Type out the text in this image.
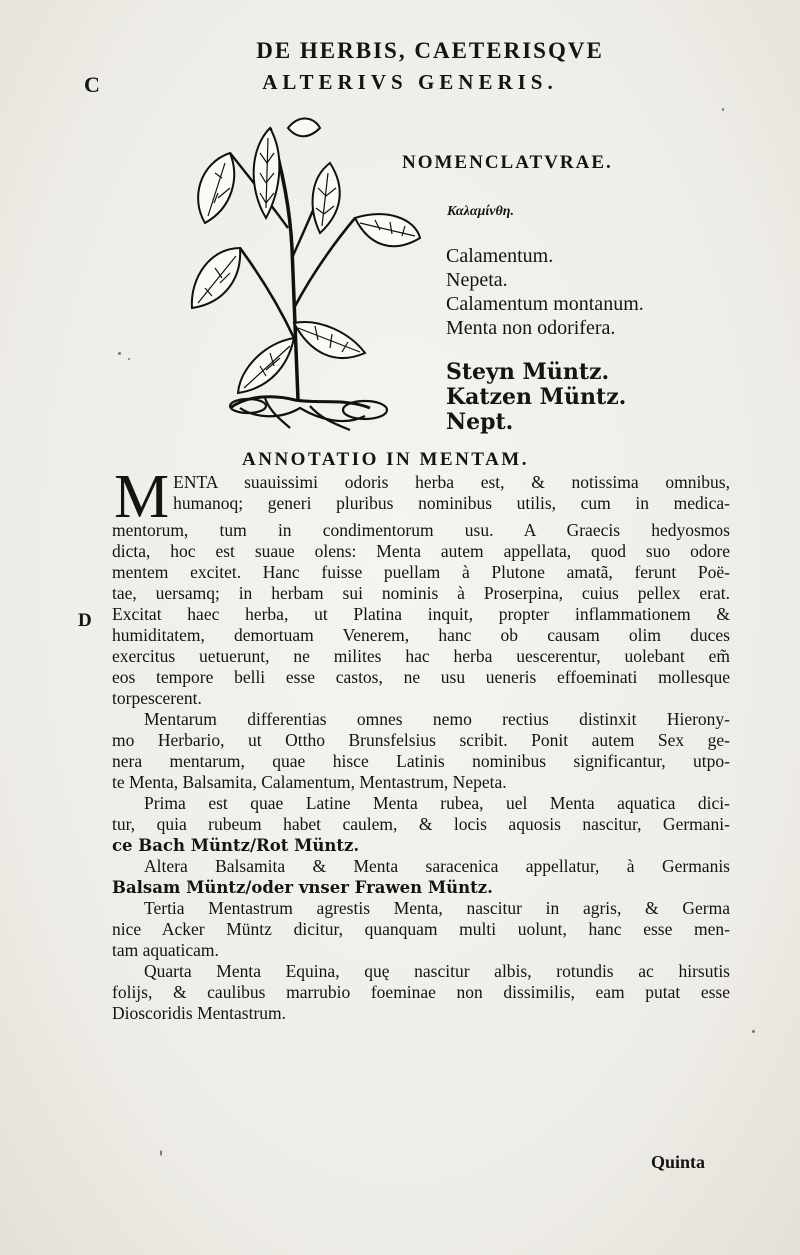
DE HERBIS, CAETERISQVE
ALTERIVS GENERIS.
C
D
NOMENCLATVRAE.
Καλαμίνθη.
Calamentum.
Nepeta.
Calamentum montanum.
Menta non odorifera.
Steyn Müntz.
Katzen Müntz.
Nept.
ANNOTATIO IN MENTAM.
M ENTA suauissimi odoris herba est, & notissima omnibus,
humanoq; generi pluribus nominibus utilis, cum in medica-
mentorum, tum in condimentorum usu. A Graecis hedyosmos
dicta, hoc est suaue olens: Menta autem appellata, quod suo odore
mentem excitet. Hanc fuisse puellam à Plutone amatã, ferunt Poë-
tae, uersamq; in herbam sui nominis à Proserpina, cuius pellex erat.
Excitat haec herba, ut Platina inquit, propter inflammationem &
humiditatem, demortuam Venerem, hanc ob causam olim duces
exercitus uetuerunt, ne milites hac herba uescerentur, uolebant em̃
eos tempore belli esse castos, ne usu ueneris effoeminati mollesque
torpescerent.
Mentarum differentias omnes nemo rectius distinxit Hierony-
mo Herbario, ut Ottho Brunsfelsius scribit. Ponit autem Sex ge-
nera mentarum, quae hisce Latinis nominibus significantur, utpo-
te Menta, Balsamita, Calamentum, Mentastrum, Nepeta.
Prima est quae Latine Menta rubea, uel Menta aquatica dici-
tur, quia rubeum habet caulem, & locis aquosis nascitur, Germani-
ce Bach Müntz/Rot Müntz.
Altera Balsamita & Menta saracenica appellatur, à Germanis
Balsam Müntz/oder vnser Frawen Müntz.
Tertia Mentastrum agrestis Menta, nascitur in agris, & Germa
nice Acker Müntz dicitur, quanquam multi uolunt, hanc esse men-
tam aquaticam.
Quarta Menta Equina, quę nascitur albis, rotundis ac hirsutis
folijs, & caulibus marrubio foeminae non dissimilis, eam putat esse
Dioscoridis Mentastrum.
Quinta
